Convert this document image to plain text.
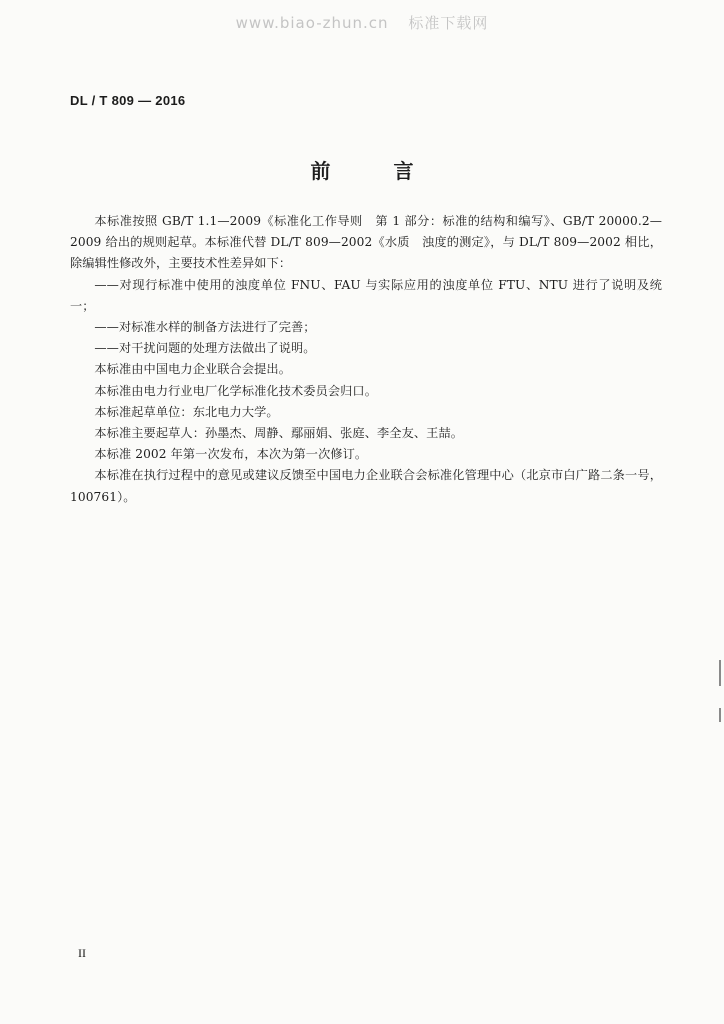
www.biao-zhun.cn 标准下载网
DL / T 809 — 2016
前 言

本标准按照 GB/T 1.1—2009《标准化工作导则　第 1 部分：标准的结构和编写》、GB/T 20000.2—2009 给出的规则起草。本标准代替 DL/T 809—2002《水质　浊度的测定》，与 DL/T 809—2002 相比，除编辑性修改外，主要技术性差异如下：

——对现行标准中使用的浊度单位 FNU、FAU 与实际应用的浊度单位 FTU、NTU 进行了说明及统一；

——对标准水样的制备方法进行了完善；

——对干扰问题的处理方法做出了说明。

本标准由中国电力企业联合会提出。

本标准由电力行业电厂化学标准化技术委员会归口。

本标准起草单位：东北电力大学。

本标准主要起草人：孙墨杰、周静、鄢丽娟、张庭、李全友、王喆。

本标准 2002 年第一次发布，本次为第一次修订。

本标准在执行过程中的意见或建议反馈至中国电力企业联合会标准化管理中心（北京市白广路二条一号，100761）。

II
